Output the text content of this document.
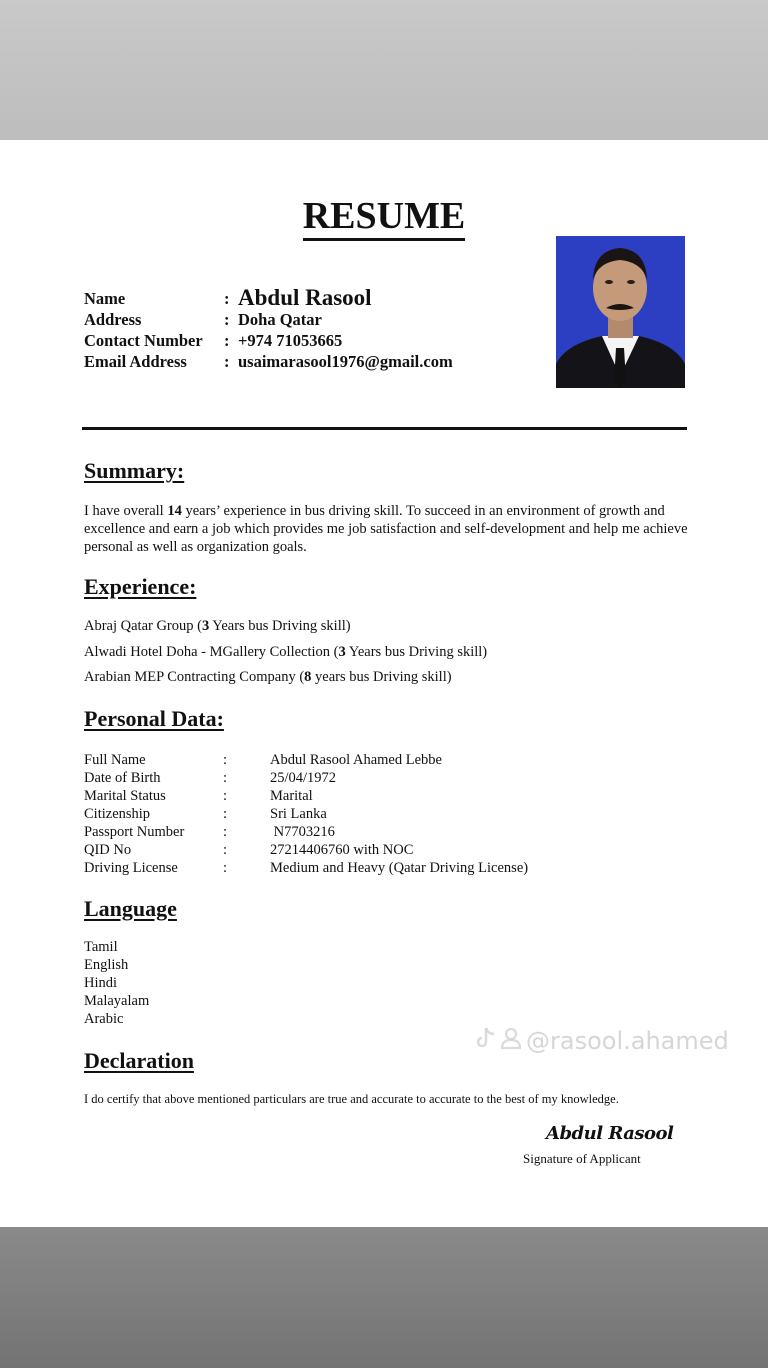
RESUME
Name	: Abdul Rasool
Address	: Doha Qatar
Contact Number	: +974 71053665
Email Address	: usaimarasool1976@gmail.com
Summary:
I have overall 14 years’ experience in bus driving skill. To succeed in an environment of growth and excellence and earn a job which provides me job satisfaction and self-development and help me achieve personal as well as organization goals.
Experience:
Abraj Qatar Group (3 Years bus Driving skill)
Alwadi Hotel Doha - MGallery Collection (3 Years bus Driving skill)
Arabian MEP Contracting Company (8 years bus Driving skill)
Personal Data:
Full Name	:	Abdul Rasool Ahamed Lebbe
Date of Birth	:	25/04/1972
Marital Status	:	Marital
Citizenship	:	Sri Lanka
Passport Number	:	N7703216
QID No	:	27214406760 with NOC
Driving License	:	Medium and Heavy (Qatar Driving License)
Language
Tamil
English
Hindi
Malayalam
Arabic
Declaration
I do certify that above mentioned particulars are true and accurate to accurate to the best of my knowledge.
Abdul Rasool
Signature of Applicant
@rasool.ahamed
